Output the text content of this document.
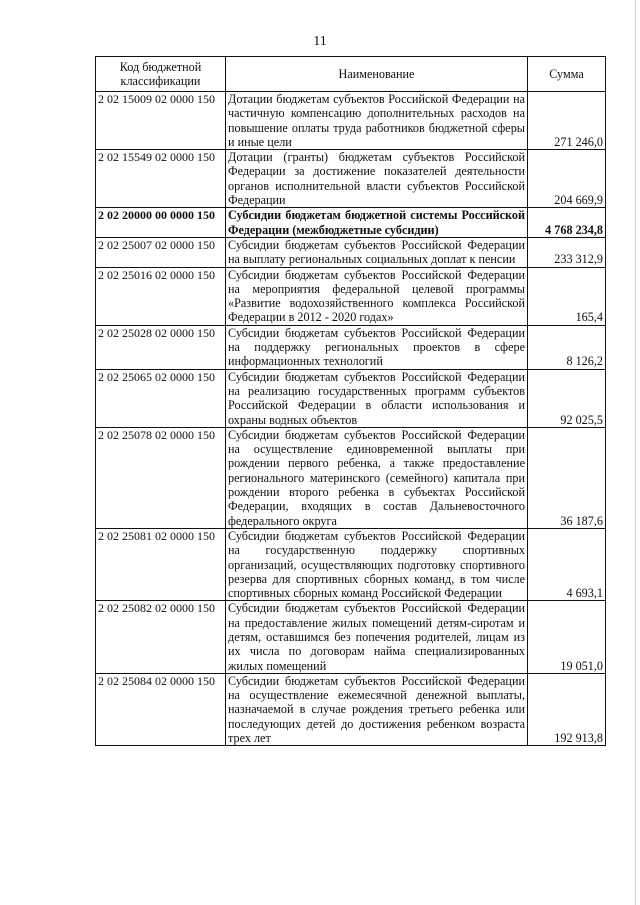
11
Код бюджетной классификации	Наименование	Сумма
2 02 15009 02 0000 150	Дотации бюджетам субъектов Российской Федерации на частичную компенсацию дополнительных расходов на повышение оплаты труда работников бюджетной сферы и иные цели	271 246,0
2 02 15549 02 0000 150	Дотации (гранты) бюджетам субъектов Российской Федерации за достижение показателей деятельности органов исполнительной власти субъектов Российской Федерации	204 669,9
2 02 20000 00 0000 150	Субсидии бюджетам бюджетной системы Российской Федерации (межбюджетные субсидии)	4 768 234,8
2 02 25007 02 0000 150	Субсидии бюджетам субъектов Российской Федерации на выплату региональных социальных доплат к пенсии	233 312,9
2 02 25016 02 0000 150	Субсидии бюджетам субъектов Российской Федерации на мероприятия федеральной целевой программы «Развитие водохозяйственного комплекса Российской Федерации в 2012 - 2020 годах»	165,4
2 02 25028 02 0000 150	Субсидии бюджетам субъектов Российской Федерации на поддержку региональных проектов в сфере информационных технологий	8 126,2
2 02 25065 02 0000 150	Субсидии бюджетам субъектов Российской Федерации на реализацию государственных программ субъектов Российской Федерации в области использования и охраны водных объектов	92 025,5
2 02 25078 02 0000 150	Субсидии бюджетам субъектов Российской Федерации на осуществление единовременной выплаты при рождении первого ребенка, а также предоставление регионального материнского (семейного) капитала при рождении второго ребенка в субъектах Российской Федерации, входящих в состав Дальневосточного федерального округа	36 187,6
2 02 25081 02 0000 150	Субсидии бюджетам субъектов Российской Федерации на государственную поддержку спортивных организаций, осуществляющих подготовку спортивного резерва для спортивных сборных команд, в том числе спортивных сборных команд Российской Федерации	4 693,1
2 02 25082 02 0000 150	Субсидии бюджетам субъектов Российской Федерации на предоставление жилых помещений детям-сиротам и детям, оставшимся без попечения родителей, лицам из их числа по договорам найма специализированных жилых помещений	19 051,0
2 02 25084 02 0000 150	Субсидии бюджетам субъектов Российской Федерации на осуществление ежемесячной денежной выплаты, назначаемой в случае рождения третьего ребенка или последующих детей до достижения ребенком возраста трех лет	192 913,8
